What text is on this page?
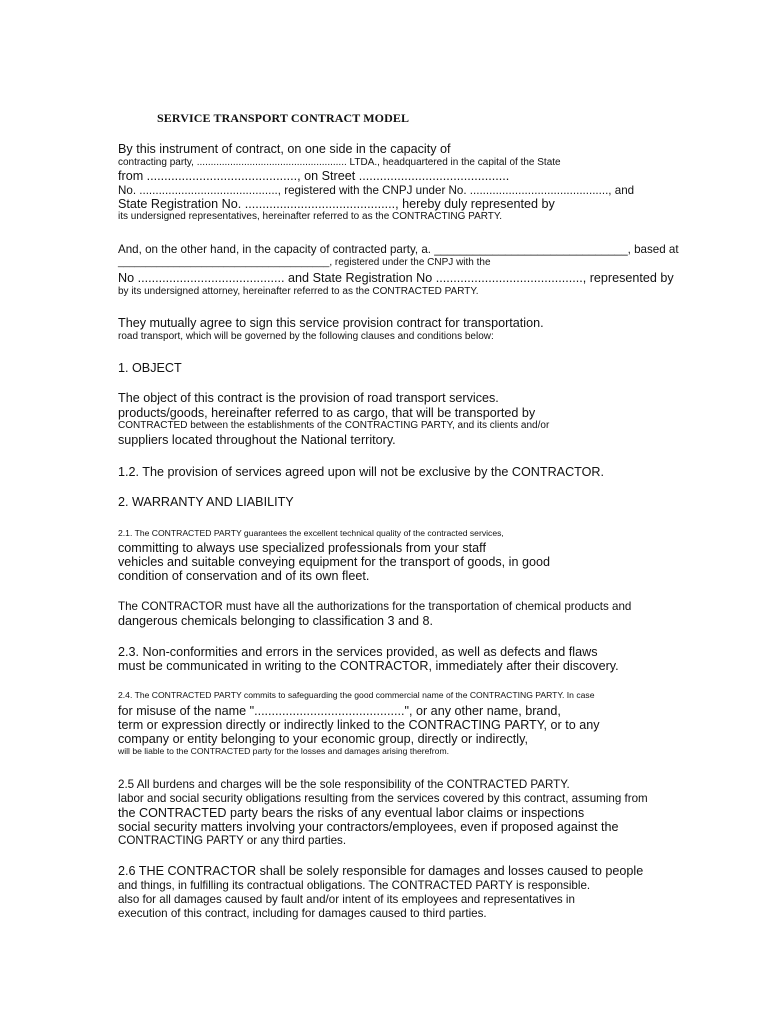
SERVICE TRANSPORT CONTRACT MODEL
By this instrument of contract, on one side in the capacity of
contracting party, ...................................................... LTDA., headquartered in the capital of the State
from ..........................................., on Street ...........................................
No. ..........................................., registered with the CNPJ under No. ..........................................., and
State Registration No. ..........................................., hereby duly represented by
its undersigned representatives, hereinafter referred to as the CONTRACTING PARTY.
And, on the other hand, in the capacity of contracted party, a. ______________________________, based at
______________________________________, registered under the CNPJ with the
No .......................................... and State Registration No .........................................., represented by
by its undersigned attorney, hereinafter referred to as the CONTRACTED PARTY.
They mutually agree to sign this service provision contract for transportation.
road transport, which will be governed by the following clauses and conditions below:
1. OBJECT
The object of this contract is the provision of road transport services.
products/goods, hereinafter referred to as cargo, that will be transported by
CONTRACTED between the establishments of the CONTRACTING PARTY, and its clients and/or
suppliers located throughout the National territory.
1.2. The provision of services agreed upon will not be exclusive by the CONTRACTOR.
2. WARRANTY AND LIABILITY
2.1. The CONTRACTED PARTY guarantees the excellent technical quality of the contracted services,
committing to always use specialized professionals from your staff
vehicles and suitable conveying equipment for the transport of goods, in good
condition of conservation and of its own fleet.
The CONTRACTOR must have all the authorizations for the transportation of chemical products and
dangerous chemicals belonging to classification 3 and 8.
2.3. Non-conformities and errors in the services provided, as well as defects and flaws
must be communicated in writing to the CONTRACTOR, immediately after their discovery.
2.4. The CONTRACTED PARTY commits to safeguarding the good commercial name of the CONTRACTING PARTY. In case
for misuse of the name "...........................................", or any other name, brand,
term or expression directly or indirectly linked to the CONTRACTING PARTY, or to any
company or entity belonging to your economic group, directly or indirectly,
will be liable to the CONTRACTED party for the losses and damages arising therefrom.
2.5 All burdens and charges will be the sole responsibility of the CONTRACTED PARTY.
labor and social security obligations resulting from the services covered by this contract, assuming from
the CONTRACTED party bears the risks of any eventual labor claims or inspections
social security matters involving your contractors/employees, even if proposed against the
CONTRACTING PARTY or any third parties.
2.6 THE CONTRACTOR shall be solely responsible for damages and losses caused to people
and things, in fulfilling its contractual obligations. The CONTRACTED PARTY is responsible.
also for all damages caused by fault and/or intent of its employees and representatives in
execution of this contract, including for damages caused to third parties.
